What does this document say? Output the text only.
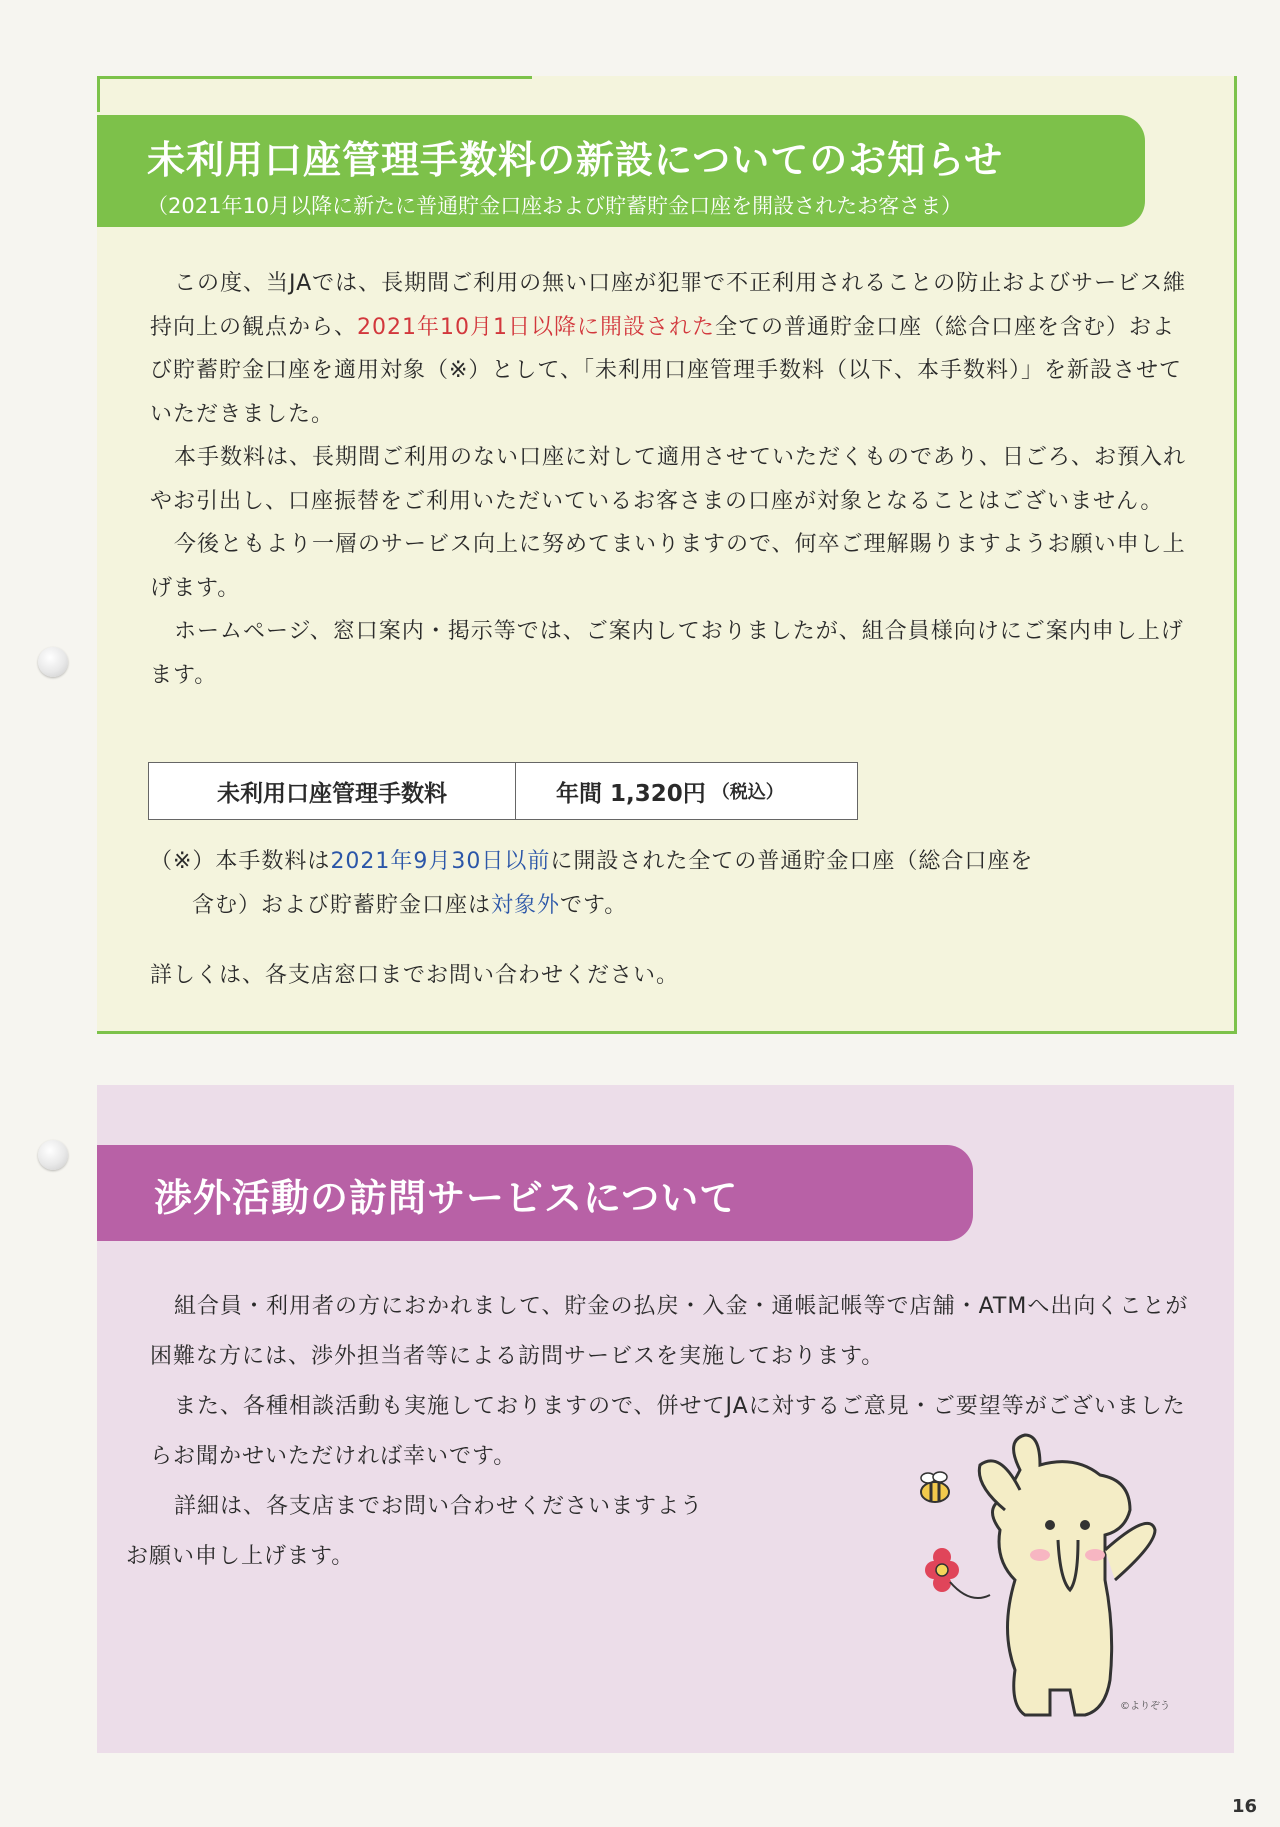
未利用口座管理手数料の新設についてのお知らせ
（2021年10月以降に新たに普通貯金口座および貯蓄貯金口座を開設されたお客さま）

この度、当JAでは、長期間ご利用の無い口座が犯罪で不正利用されることの防止およびサービス維持向上の観点から、2021年10月1日以降に開設された全ての普通貯金口座（総合口座を含む）および貯蓄貯金口座を適用対象（※）として、「未利用口座管理手数料（以下、本手数料）」を新設させていただきました。

本手数料は、長期間ご利用のない口座に対して適用させていただくものであり、日ごろ、お預入れやお引出し、口座振替をご利用いただいているお客さまの口座が対象となることはございません。

今後ともより一層のサービス向上に努めてまいりますので、何卒ご理解賜りますようお願い申し上げます。

ホームページ、窓口案内・掲示等では、ご案内しておりましたが、組合員様向けにご案内申し上げます。

未利用口座管理手数料	年間 1,320円 （税込）
（※）本手数料は2021年9月30日以前に開設された全ての普通貯金口座（総合口座を
含む）および貯蓄貯金口座は対象外です。
詳しくは、各支店窓口までお問い合わせください。
渉外活動の訪問サービスについて

組合員・利用者の方におかれまして、貯金の払戻・入金・通帳記帳等で店舗・ATMへ出向くことが困難な方には、渉外担当者等による訪問サービスを実施しております。

また、各種相談活動も実施しておりますので、併せてJAに対するご意見・ご要望等がございましたらお聞かせいただければ幸いです。

詳細は、各支店までお問い合わせくださいますよう
お願い申し上げます。

©よりぞう
16
